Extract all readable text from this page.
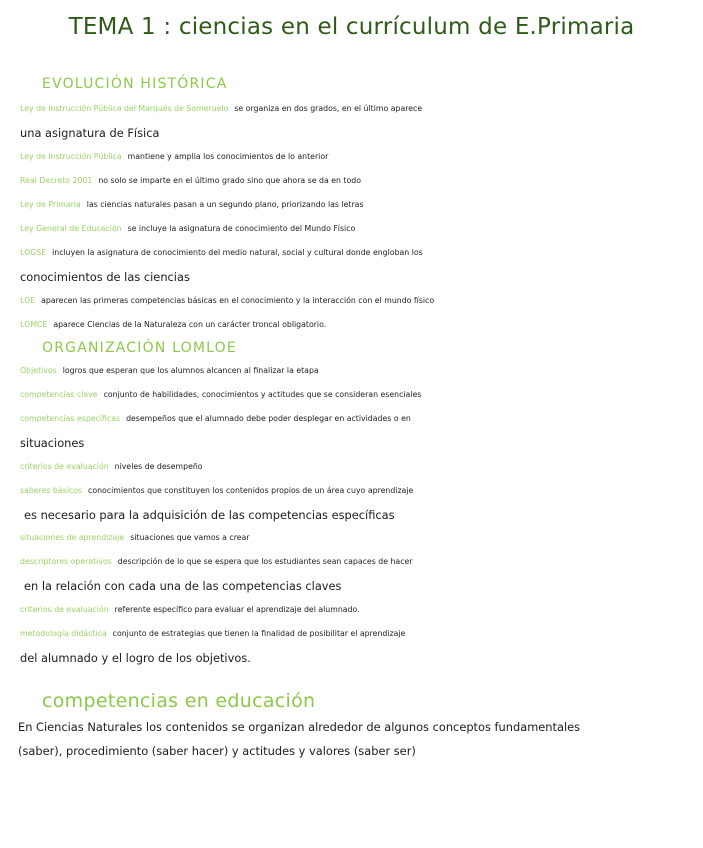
TEMA 1 : ciencias en el currículum de E.Primaria
EVOLUCIÓN HISTÓRICA
Ley de instrucción Pública del Marqués de Someruelo se organiza en dos grados, en el último aparece
una asignatura de Física
Ley de Instrucción Pública mantiene y amplia los conocimientos de lo anterior
Real Decreto 2001 no solo se imparte en el último grado sino que ahora se da en todo
Ley de Primaria las ciencias naturales pasan a un segundo plano, priorizando las letras
Ley General de Educación se incluye la asignatura de conocimiento del Mundo Físico
LOGSE incluyen la asignatura de conocimiento del medio natural, social y cultural donde engloban los
conocimientos de las ciencias
LOE aparecen las primeras competencias básicas en el conocimiento y la interacción con el mundo físico
LOMCE aparece Ciencias de la Naturaleza con un carácter troncal obligatorio.
ORGANIZACIÓN LOMLOE
Objetivos logros que esperan que los alumnos alcancen al finalizar la etapa
competencias clave conjunto de habilidades, conocimientos y actitudes que se consideran esenciales
competencias específicas desempeños que el alumnado debe poder desplegar en actividades o en
situaciones
criterios de evaluación niveles de desempeño
saberes básicos conocimientos que constituyen los contenidos propios de un área cuyo aprendizaje
es necesario para la adquisición de las competencias específicas
situaciones de aprendizaje situaciones que vamos a crear
descriptores operativos descripción de lo que se espera que los estudiantes sean capaces de hacer
en la relación con cada una de las competencias claves
criterios de evaluación referente específico para evaluar el aprendizaje del alumnado.
metodología didáctica conjunto de estrategias que tienen la finalidad de posibilitar el aprendizaje
del alumnado y el logro de los objetivos.
competencias en educación
En Ciencias Naturales los contenidos se organizan alrededor de algunos conceptos fundamentales
(saber), procedimiento (saber hacer) y actitudes y valores (saber ser)
